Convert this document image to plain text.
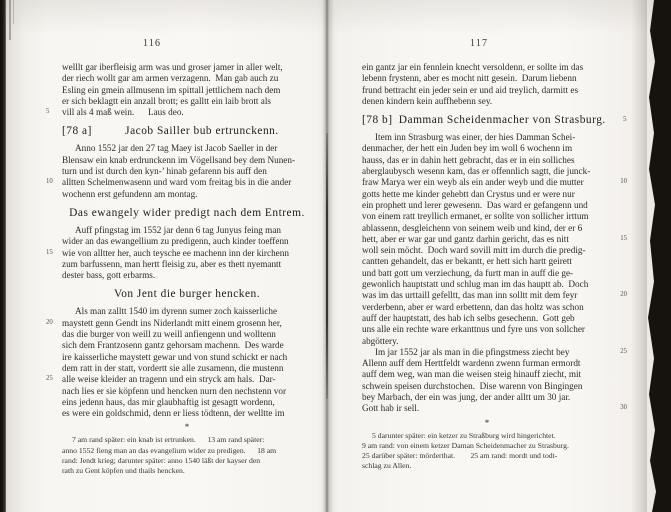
116
welllt gar iberfleisig arm was und groser jamer in aller welt,
der riech wollt gar am armen verzagenn.  Man gab auch zu
Esling ein gmein allmusenn im spittall jettlichem nach dem
er sich beklagtt ein anzall brott; es galltt ein laib brott als
vill als 4 maß wein.  Laus deo.
5
[78 a]	Jacob Sailler bub ertrunckenn.
Anno 1552 jar den 27 tag Maey ist Jacob Saeller in der
Blensaw ein knab erdrunckenn im Vögellsand bey dem Nunen-
turn und ist durch den kyn-’ hinab gefarenn bis auff den
alltten Schelmenwasenn und ward vom freitag bis in die ander
10
wochenn erst gefundenn am montag.
Das ewangely wider predigt nach dem Entrem.
Auff pfingstag im 1552 jar denn 6 tag Junyus feing man
wider an das ewangellium zu predigenn, auch kinder toeffenn
wie von alltter her, auch teysche ee machenn inn der kirchenn
15
zum barfussenn, man hertt fleisig zu, aber es thett nyemantt
dester bass, gott erbarms.
Von Jent die burger hencken.
Als man zalltt 1540 im dyrenn sumer zoch kaisserliche
maystett genn Gendt ins Niderlandt mitt einem grosenn her,
20
das die burger von weill zu weill anfiengenn und wolltenn
sich dem Frantzosenn gantz gehorsam machenn.  Des warde
ire kaisserliche maystett gewar und von stund schickt er nach
dem ratt in der statt, vordertt sie alle zusamenn, die mustenn
alle weise kleider an tragenn und ein stryck am hals.  Dar-
25
nach lies er sie köpfenn und hencken nurn den nechstenn vor
eins jedenn haus, das mir glaubhaftig ist gesagtt wordenn,
es were ein goldschmid, denn er liess tödtenn, der welltte im
*
7 am rand später: ein knab ist ertrunken.  13 am rand später:
anno 1552 fieng man an das evangelium wider zu predigen.  18 am
rand: Jendt krieg; darunter später: anno 1540 läßt der kayser den
rath zu Gent köpfen und thails hencken.
117
ein gantz jar ein fennlein knecht versoldenn, er sollte im das
lebenn frystenn, aber es mocht nitt gesein.  Darum liebenn
frund bettracht ein jeder sein er und aid treylich, darmitt es
denen kindern kein auffhebenn sey.
[78 b] Damman Scheidenmacher von Strasburg.	5
Item inn Strasburg was einer, der hies Damman Schei-
denmacher, der hett ein Juden bey im woll 6 wochenn im
hauss, das er in dahin hett gebracht, das er in ein solliches
aberglaubysch wesenn kam, das er offennlich sagtt, die junck-
fraw Marya wer ein weyb als ein ander weyb und die mutter	10
gotts hette me kinder gehebtt dan Crystus und er were nur
ein prophett und lerer gewesenn.  Das ward er gefangenn und
von einem ratt treyllich ermanet, er sollte von sollicher irttum
ablassenn, desgleichenn von seinem weib und kind, der er 6
hett, aber er war gar und gantz darhin gericht, das es nitt	15
woll sein möcht.  Doch ward sovill mitt im durch die predig-
cantten gehandelt, das er bekantt, er hett sich hartt geirett
und batt gott um verziechung, da furtt man in auff die ge-
gewonlich hauptstatt und schlug man im das hauptt ab.  Doch
was im das urttaill gefelltt, das man inn solltt mit dem feyr	20
verderbenn, aber er ward erbettenn, dan das holtz was schon
auff der hauptstatt, des hab ich selbs gesechenn.  Gott geb
uns alle ein rechte ware erkanttnus und fyre uns von sollcher
abgöttery.
Im jar 1552 jar als man in die pfingstmess ziecht bey	25
Allenn auff dem Herttfeldt wardenn zwenn furman ermordt
auff dem weg, wan man die weisen steig hinauff ziecht, mit
schwein speisen durchstochen.  Dise warenn von Bingingen
bey Marbach, der ein was jung, der ander alltt um 30 jar.
Gott hab ir sell.	30
*
5 darunter später: ein ketzer zu Straßburg wird hingerichtet.
9 am rand: von einem ketzer Daman Scheidenmacher zu Strasburg.
25 darüber später: mörderthat.  25 am rand: mordt und todt-
schlag zu Allen.
